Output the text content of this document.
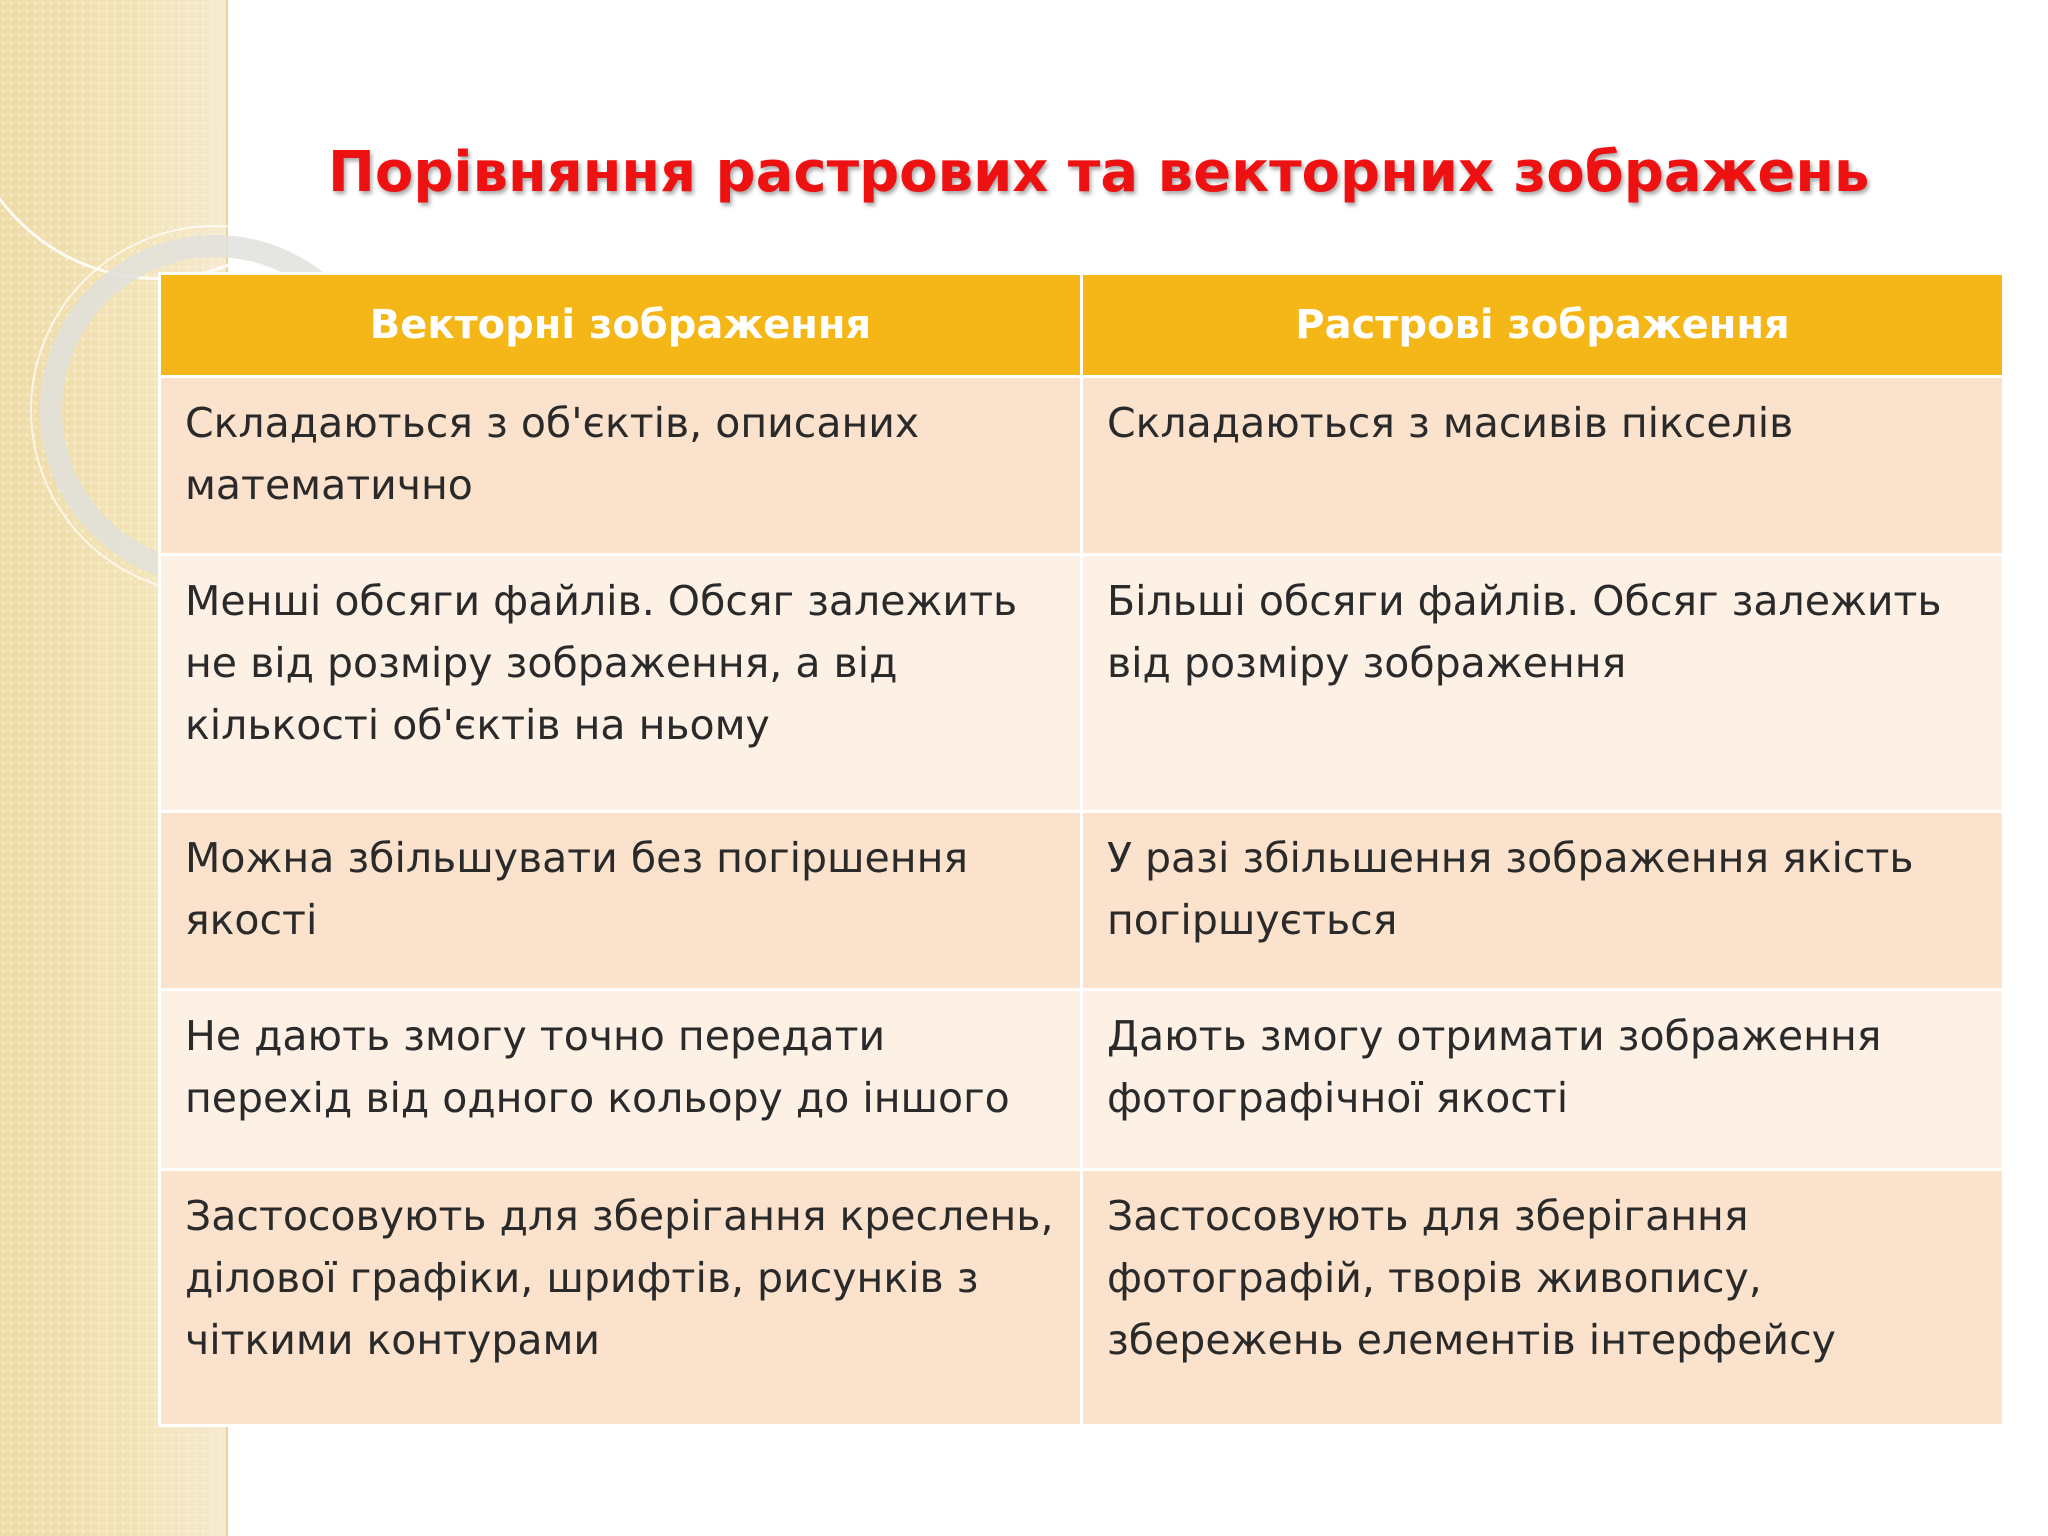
Порівняння растрових та векторних зображень
Векторні зображення	Растрові зображення
Складаються з об'єктів, описаних математично	Складаються з масивів пікселів
Менші обсяги файлів. Обсяг залежить не від розміру зображення, а від кількості об'єктів на ньому	Більші обсяги файлів. Обсяг залежить від розміру зображення
Можна збільшувати без погіршення якості	У разі збільшення зображення якість погіршується
Не дають змогу точно передати перехід від одного кольору до іншого	Дають змогу отримати зображення фотографічної якості
Застосовують для зберігання креслень, ділової графіки, шрифтів, рисунків з чіткими контурами	Застосовують для зберігання фотографій, творів живопису, збережень елементів інтерфейсу
